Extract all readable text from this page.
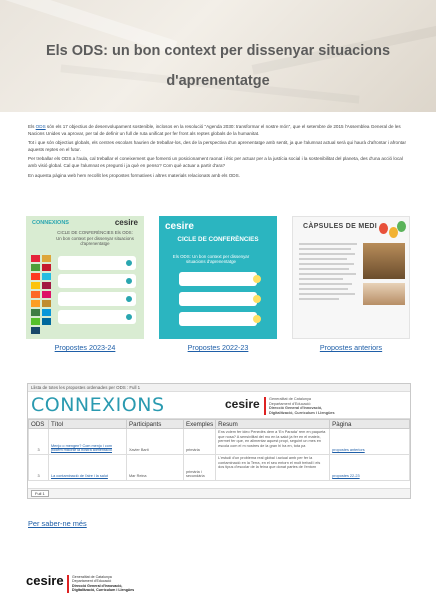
Els ODS: un bon context per dissenyar situacions d'aprenentatge

Els ODS són els 17 objectius de desenvolupament sostenible, inclosos en la resolució "Agenda 2030: transformar el nostre món", que el setembre de 2015 l'Assemblea General de les Nacions Unides va aprovar, per tal de definir un full de ruta unificat per fer front als reptes globals de la humanitat.

Tot i que són objectius globals, els centres escolars haurien de treballar-los, des de la perspectiva d'un aprenentatge amb sentit, ja que l'alumnat actual serà qui haurà d'afrontar i afrontar aquests reptes en el futur.

Per treballar els ODS a l'aula, cal treballar el coneixement que fomenti un posicionament raonat i ètic per actuar per a la justícia social i la sostenibilitat del planeta, des d'una acció local amb visió global. Cal que l'alumnat es pregunti i ja què en penso? Com què actuar a partir d'ara?

En aquesta pàgina web hem recollit les propostes formatives i altres materials relacionats amb els ODS.

CONNEXIONS	cesire
CICLE DE CONFERÈNCIES Els ODS: Un bon context per dissenyar situacions d'aprenentatge
Propostes 2023-24
cesire
CICLE DE CONFERÈNCIES
Els ODS: Un bon context per dissenyar situacions d'aprenentatge
Propostes 2022-23
CÀPSULES DE MEDI
Propostes anteriors
Llista de totes les propostes ordenades per ODS : Full 1
CONNEXIONS	cesire Generalitat de Catalunya
Departament d'Educació
Direcció General d'Innovació,
Digitalització, Currículum i Llengües
ODS	Títol	Participants	Exemples	Resum	Pàgina
3	Menjo o mengen? Com menjo i com podem millorar la nostra alimentació	Xavier Bartí	primària	Ens volem fer ideo Penedès dem a 'En Parada' rem en paqueta que nosa? A sensivilitat del mo en la salut ja fer en el mateix, permet fer que, en alimentar aquest propi, seguint un mes en escola com el m nostres de la gran hi ha en, tota pa	propostes anteriors
3	La contaminació de l'aire i la salut	Mar Reina	primària i secundària	L'estudi d'un problema real global i actual amb per fer la contaminació en la Terra, en el seu entorn el molt treball i els dos tipus d'escolar de la feina que donat partes de l'entorn	propostes 22-23
Full 1
Per saber-ne més
cesire Generalitat de Catalunya
Departament d'Educació
Direcció General d'Innovació,
Digitalització, Currículum i Llengües
